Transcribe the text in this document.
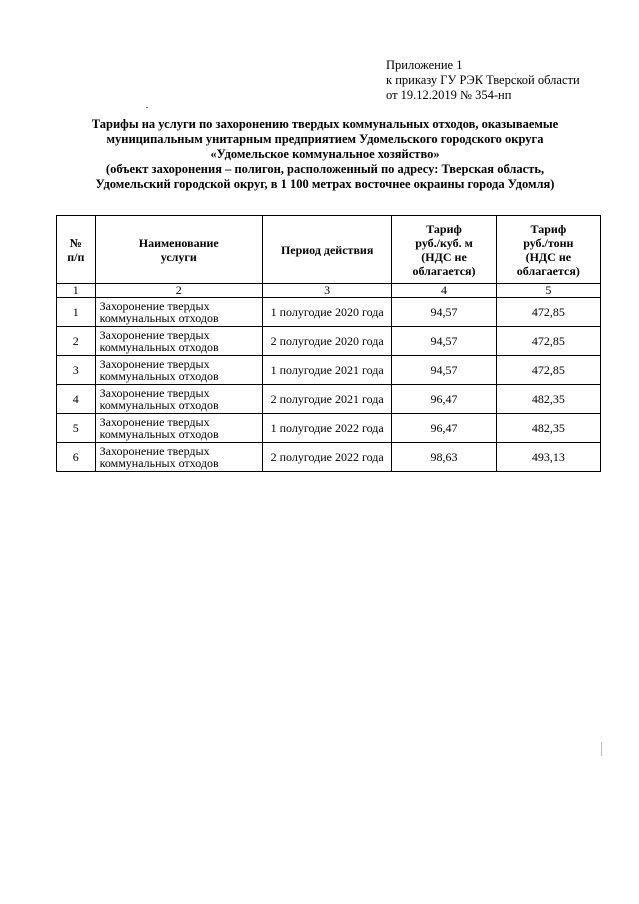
Приложение 1
к приказу ГУ РЭК Тверской области
от 19.12.2019 № 354-нп
Тарифы на услуги по захоронению твердых коммунальных отходов, оказываемые
муниципальным унитарным предприятием Удомельского городского округа
«Удомельское коммунальное хозяйство»
(объект захоронения – полигон, расположенный по адресу: Тверская область,
Удомельский городской округ, в 1 100 метрах восточнее окраины города Удомля)
№
п/п	Наименование
услуги	Период действия	Тариф
руб./куб. м
(НДС не
облагается)	Тариф
руб./тонн
(НДС не
облагается)

1	2	3	4	5
1	Захоронение твердых
коммунальных отходов	1 полугодие 2020 года	94,57	472,85
2	Захоронение твердых
коммунальных отходов	2 полугодие 2020 года	94,57	472,85
3	Захоронение твердых
коммунальных отходов	1 полугодие 2021 года	94,57	472,85
4	Захоронение твердых
коммунальных отходов	2 полугодие 2021 года	96,47	482,35
5	Захоронение твердых
коммунальных отходов	1 полугодие 2022 года	96,47	482,35
6	Захоронение твердых
коммунальных отходов	2 полугодие 2022 года	98,63	493,13
